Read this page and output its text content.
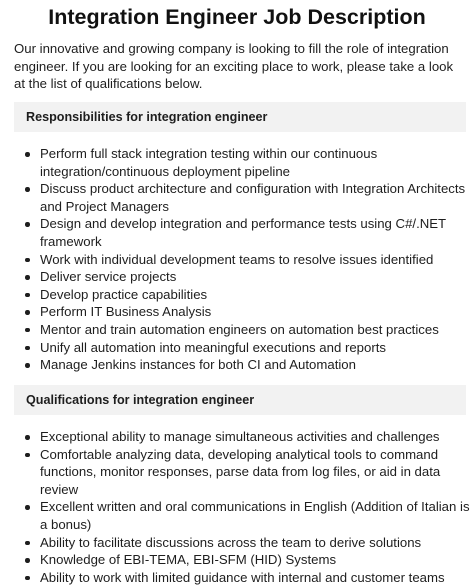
Integration Engineer Job Description
Our innovative and growing company is looking to fill the role of integration engineer. If you are looking for an exciting place to work, please take a look at the list of qualifications below.
Responsibilities for integration engineer
Perform full stack integration testing within our continuous integration/continuous deployment pipeline
Discuss product architecture and configuration with Integration Architects and Project Managers
Design and develop integration and performance tests using C#/.NET framework
Work with individual development teams to resolve issues identified
Deliver service projects
Develop practice capabilities
Perform IT Business Analysis
Mentor and train automation engineers on automation best practices
Unify all automation into meaningful executions and reports
Manage Jenkins instances for both CI and Automation
Qualifications for integration engineer
Exceptional ability to manage simultaneous activities and challenges
Comfortable analyzing data, developing analytical tools to command functions, monitor responses, parse data from log files, or aid in data review
Excellent written and oral communications in English (Addition of Italian is a bonus)
Ability to facilitate discussions across the team to derive solutions
Knowledge of EBI-TEMA, EBI-SFM (HID) Systems
Ability to work with limited guidance with internal and customer teams
